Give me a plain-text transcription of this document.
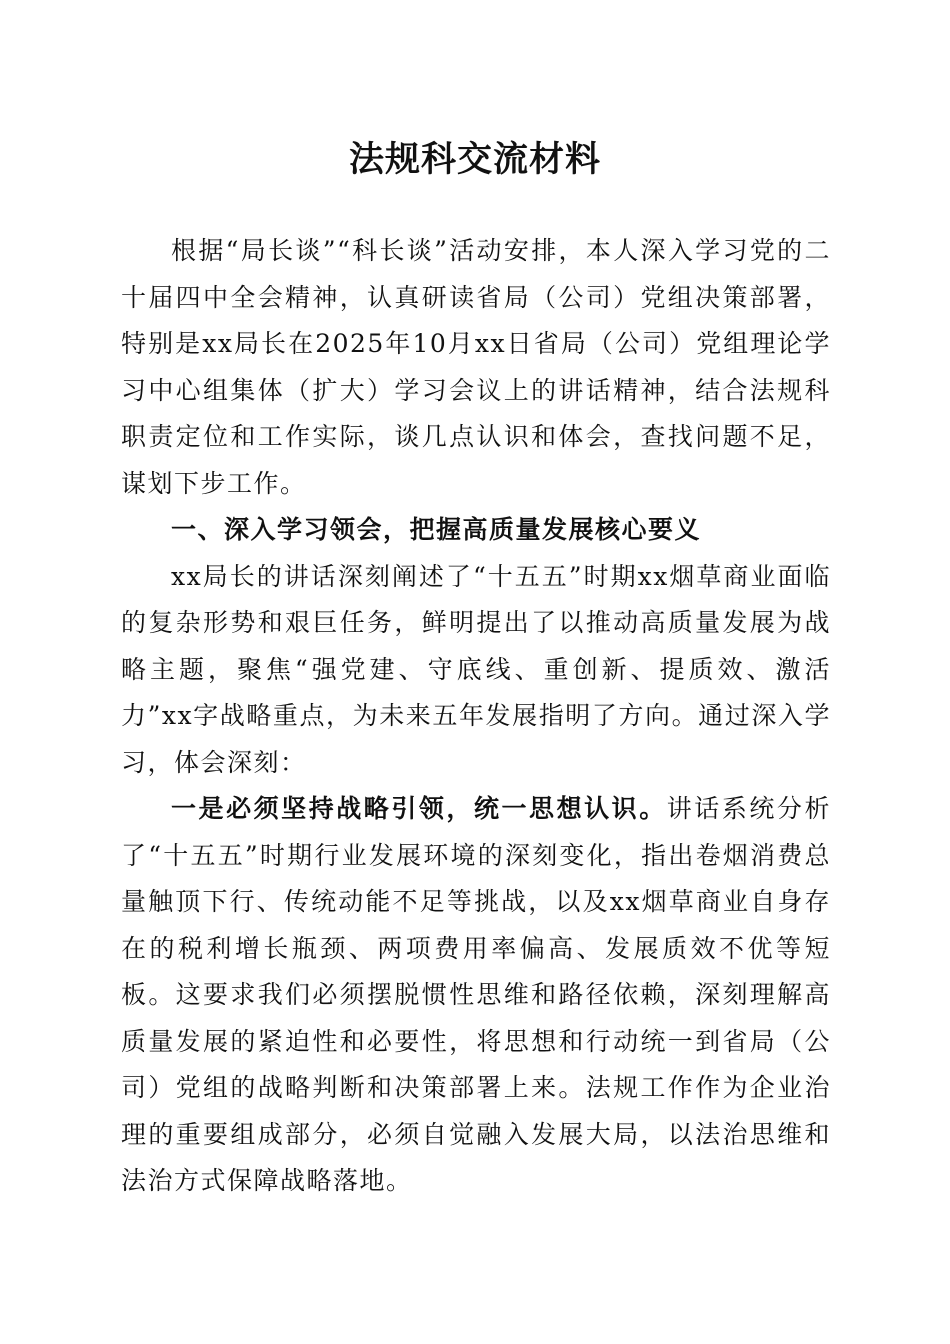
法规科交流材料

根据“局长谈”“科长谈”活动安排，本人深入学习党的二十届四中全会精神，认真研读省局（公司）党组决策部署，特别是xx局长在2025年10月xx日省局（公司）党组理论学习中心组集体（扩大）学习会议上的讲话精神，结合法规科职责定位和工作实际，谈几点认识和体会，查找问题不足，谋划下步工作。

一、深入学习领会，把握高质量发展核心要义

xx局长的讲话深刻阐述了“十五五”时期xx烟草商业面临的复杂形势和艰巨任务，鲜明提出了以推动高质量发展为战略主题，聚焦“强党建、守底线、重创新、提质效、激活力”xx字战略重点，为未来五年发展指明了方向。通过深入学习，体会深刻：

一是必须坚持战略引领，统一思想认识。讲话系统分析了“十五五”时期行业发展环境的深刻变化，指出卷烟消费总量触顶下行、传统动能不足等挑战，以及xx烟草商业自身存在的税利增长瓶颈、两项费用率偏高、发展质效不优等短板。这要求我们必须摆脱惯性思维和路径依赖，深刻理解高质量发展的紧迫性和必要性，将思想和行动统一到省局（公司）党组的战略判断和决策部署上来。法规工作作为企业治理的重要组成部分，必须自觉融入发展大局，以法治思维和法治方式保障战略落地。
